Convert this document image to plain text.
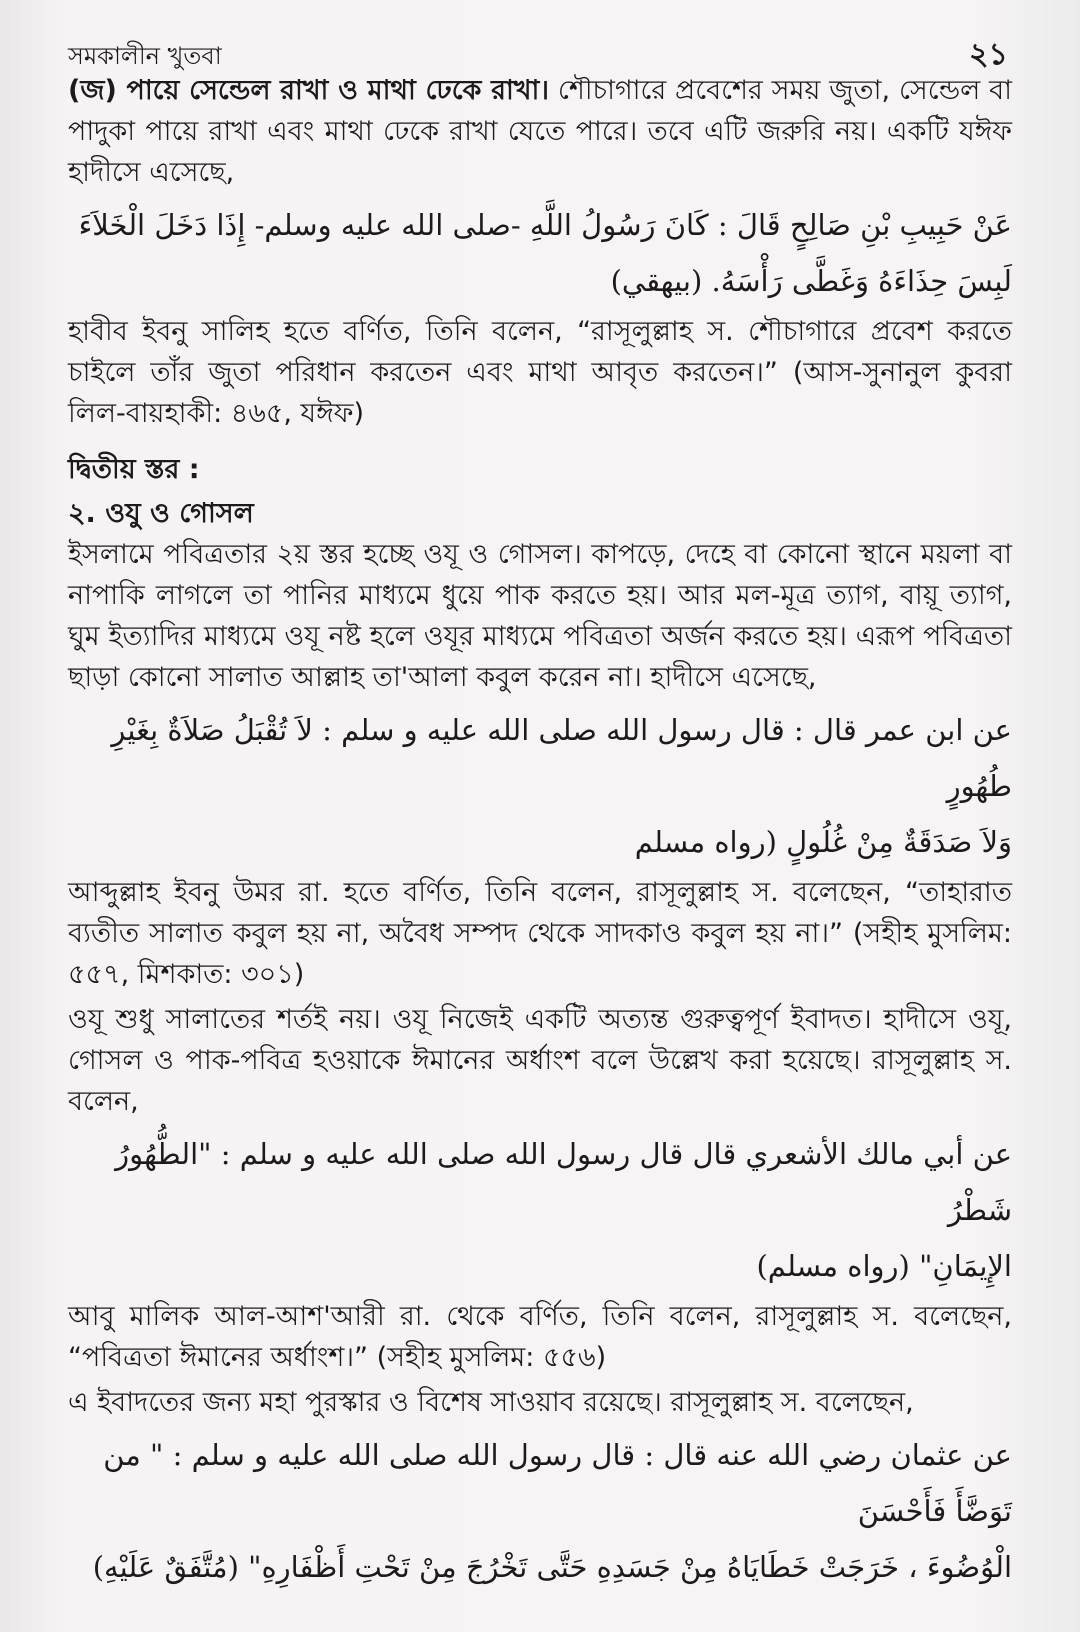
সমকালীন খুতবা	২১

(জ) পায়ে সেন্ডেল রাখা ও মাথা ঢেকে রাখা। শৌচাগারে প্রবেশের সময় জুতা, সেন্ডেল বা পাদুকা পায়ে রাখা এবং মাথা ঢেকে রাখা যেতে পারে। তবে এটি জরুরি নয়। একটি যঈফ হাদীসে এসেছে,

عَنْ حَبِيبِ بْنِ صَالِحٍ قَالَ : كَانَ رَسُولُ اللَّهِ -صلى الله عليه وسلم- إِذَا دَخَلَ الْخَلاَءَ
لَبِسَ حِذَاءَهُ وَغَطَّى رَأْسَهُ. (بيهقي)

হাবীব ইবনু সালিহ হতে বর্ণিত, তিনি বলেন, “রাসূলুল্লাহ স. শৌচাগারে প্রবেশ করতে চাইলে তাঁর জুতা পরিধান করতেন এবং মাথা আবৃত করতেন।” (আস-সুনানুল কুবরা লিল-বায়হাকী: ৪৬৫, যঈফ)

দ্বিতীয় স্তর :

২. ওযু ও গোসল

ইসলামে পবিত্রতার ২য় স্তর হচ্ছে ওযূ ও গোসল। কাপড়ে, দেহে বা কোনো স্থানে ময়লা বা নাপাকি লাগলে তা পানির মাধ্যমে ধুয়ে পাক করতে হয়। আর মল-মূত্র ত্যাগ, বায়ূ ত্যাগ, ঘুম ইত্যাদির মাধ্যমে ওযূ নষ্ট হলে ওযূর মাধ্যমে পবিত্রতা অর্জন করতে হয়। এরূপ পবিত্রতা ছাড়া কোনো সালাত আল্লাহ তা'আলা কবুল করেন না। হাদীসে এসেছে,

عن ابن عمر قال : قال رسول الله صلى الله عليه و سلم : لاَ تُقْبَلُ صَلاَةٌ بِغَيْرِ طُهُورٍ
وَلاَ صَدَقَةٌ مِنْ غُلُولٍ (رواه مسلم

আব্দুল্লাহ ইবনু উমর রা. হতে বর্ণিত, তিনি বলেন, রাসূলুল্লাহ স. বলেছেন, “তাহারাত ব্যতীত সালাত কবুল হয় না, অবৈধ সম্পদ থেকে সাদকাও কবুল হয় না।” (সহীহ মুসলিম: ৫৫৭, মিশকাত: ৩০১)

ওযূ শুধু সালাতের শর্তই নয়। ওযূ নিজেই একটি অত্যন্ত গুরুত্বপূর্ণ ইবাদত। হাদীসে ওযূ, গোসল ও পাক-পবিত্র হওয়াকে ঈমানের অর্ধাংশ বলে উল্লেখ করা হয়েছে। রাসূলুল্লাহ স. বলেন,

عن أبي مالك الأشعري قال قال رسول الله صلى الله عليه و سلم : "الطُّهُورُ شَطْرُ
الإِيمَانِ" (رواه مسلم)

আবু মালিক আল-আশ'আরী রা. থেকে বর্ণিত, তিনি বলেন, রাসূলুল্লাহ স. বলেছেন, “পবিত্রতা ঈমানের অর্ধাংশ।” (সহীহ মুসলিম: ৫৫৬)

এ ইবাদতের জন্য মহা পুরস্কার ও বিশেষ সাওয়াব রয়েছে। রাসূলুল্লাহ স. বলেছেন,

عن عثمان رضي الله عنه قال : قال رسول الله صلى الله عليه و سلم : " من تَوَضَّأَ فَأَحْسَنَ
الْوُضُوءَ ، خَرَجَتْ خَطَايَاهُ مِنْ جَسَدِهِ حَتَّى تَخْرُجَ مِنْ تَحْتِ أَظْفَارِهِ" (مُتَّفَقٌ عَلَيْهِ)
